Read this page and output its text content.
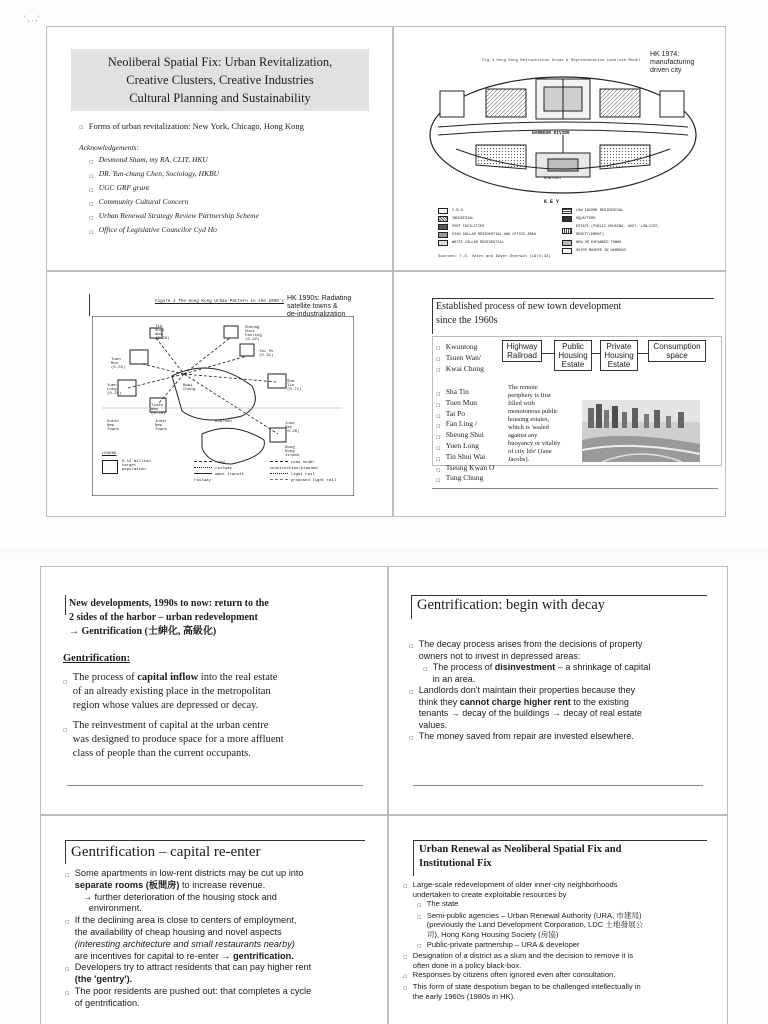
' , . ,'
Neoliberal Spatial Fix: Urban Revitalization,
Creative Clusters, Creative Industries
Cultural Planning and Sustainability
▫ Forms of urban revitalization: New York, Chicago, Hong Kong
Acknowledgements:
▫ Desmond Sham, my RA, CLIT, HKU
▫ DR. Yun-chung Chen, Sociology, HKBU
▫ UGC GRF grant
▫ Community Cultural Concern
▫ Urban Renewal Strategy Review Partnership Scheme
▫ Office of Legislative Councilor Cyd Ho
HK 1974:
manufacturing
driven city
Fig.4 Hong Kong Metropolitan Areas & Representative Land-use Model
HARBOUR DIVIDE
Kowloon
K E Y
C.B.D.
INDUSTRIAL
PORT FACILITIES
HIGH DOLLAR RESIDENTIAL AND OFFICE AREA
WHITE COLLAR RESIDENTIAL
LOW INCOME RESIDENTIAL
SQUATTERS
ESTATE (PUBLIC HOUSING, GOVT. LOW-COST, RESETTLEMENT)
NEW OR EXPANDED TOWNS
SHIPS MOORED IN HARBOUR
Sources: T.S. Yates and Dwyer-Sherwin (1974:33)
Figure 2 The Hong Kong Urban Pattern in the 1990's HK 1990s: Radiating
satellite towns &
de-industrialization
Tin Shui Wai (0.26)
Sheung Shui Fanling (0.22)
Tai Po (0.31)
Tuen Mun (0.55)
Sha Tin (0.71)
Yuen Long (0.21)
Tsuen Wan (0.78)
Junk Bay (0.26)
Outer New Towns
Inner New Towns
Hong Kong Island
Kowloon
Kwai Chung
LEGEND
0.12 million target population
road
railway
mass transit railway
road under construction/planned
light rail
proposed light rail
Established process of new town development
since the 1960s
Highway Railroad
Public Housing Estate
Private Housing Estate
Consumption space
▫ Kwuntong
▫ Tsuen Wan/
▫ Kwai Chung
▫ Sha Tin
▫ Tuen Mun
▫ Tai Po
▫ Fan Ling /
▫ Sheung Shui
▫ Yuen Long
▫ Tin Shui Wai
▫ Tseung Kwan O
▫ Tung Chung
The remote
periphery is first
filled with
monotonous public
housing estates,
which is 'sealed
against any
buoyancy or vitality
of city life' (Jane
Jacobs).
New developments, 1990s to now: return to the
2 sides of the harbor – urban redevelopment
→ Gentrification (士紳化, 高級化)
Gentrification:
▫ The process of capital inflow into the real estate
of an already existing place in the metropolitan
region whose values are depressed or decay.
▫ The reinvestment of capital at the urban centre
was designed to produce space for a more affluent
class of people than the current occupants.
Gentrification: begin with decay
▫ The decay process arises from the decisions of property
owners not to invest in depressed areas:
▫ The process of disinvestment – a shrinkage of capital
in an area.
▫ Landlords don't maintain their properties because they
think they cannot charge higher rent to the existing
tenants → decay of the buildings → decay of real estate
values.
▫ The money saved from repair are invested elsewhere.
Gentrification – capital re-enter
▫ Some apartments in low-rent districts may be cut up into
separate rooms (板間房) to increase revenue.
→ further deterioration of the housing stock and
environment.
▫ If the declining area is close to centers of employment,
the availability of cheap housing and novel aspects
(interesting architecture and small restaurants nearby)
are incentives for capital to re-enter → gentrification.
▫ Developers try to attract residents that can pay higher rent
(the 'gentry').
▫ The poor residents are pushed out: that completes a cycle
of gentrification.
Urban Renewal as Neoliberal Spatial Fix and
Institutional Fix
▫ Large-scale redevelopment of older inner-city neighborhoods
undertaken to create exploitable resources by
▫ The state
▫ Semi-public agencies – Urban Renewal Authority (URA, 市建局)
(previously the Land Development Corporation, LDC 土地發展公
司), Hong Kong Housing Society (房協)
▫ Public-private partnership – URA & developer
▫ Designation of a district as a slum and the decision to remove it is
often done in a policy black-box.
▫ Responses by citizens often ignored even after consultation.
▫ This form of state despotism began to be challenged intellectually in
the early 1960s (1980s in HK).
